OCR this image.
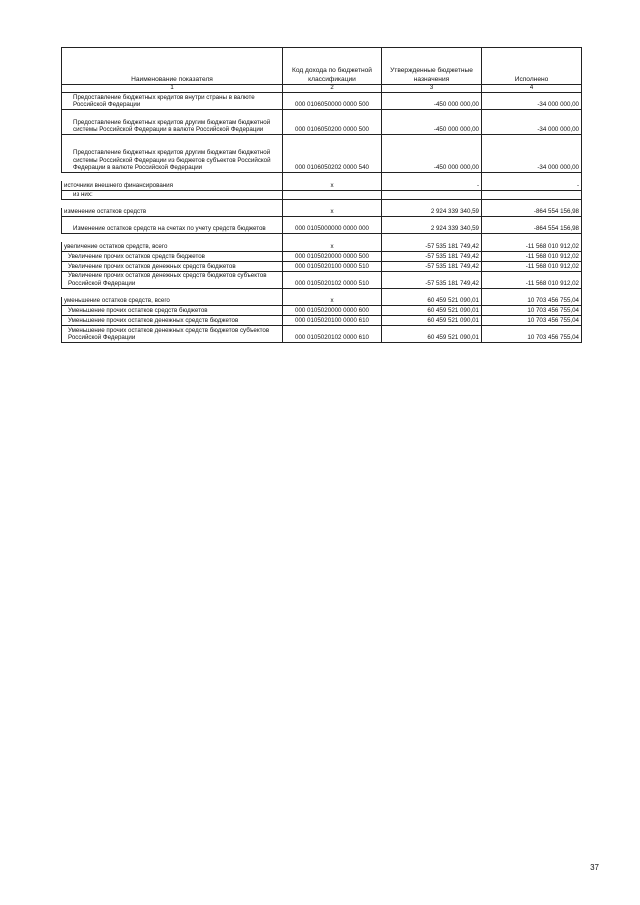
Наименование показателя	Код дохода по бюджетной классификации	Утвержденные бюджетные назначения	Исполнено
1	2	3	4
Предоставление бюджетных кредитов внутри страны в валюте Российской Федерации	000 0106050000 0000 500	-450 000 000,00	-34 000 000,00
Предоставление бюджетных кредитов другим бюджетам бюджетной системы Российской Федерации в валюте Российской Федерации	000 0106050200 0000 500	-450 000 000,00	-34 000 000,00
Предоставление бюджетных кредитов другим бюджетам бюджетной системы Российской Федерации из бюджетов субъектов Российской Федерации в валюте Российской Федерации	000 0106050202 0000 540	-450 000 000,00	-34 000 000,00

источники внешнего финансирования	х	-	-
из них:			

изменение остатков средств	х	2 924 339 340,59	-864 554 156,98
Изменение остатков средств на счетах по учету средств бюджетов	000 0105000000 0000 000	2 924 339 340,59	-864 554 156,98

увеличение остатков средств, всего	х	-57 535 181 749,42	-11 568 010 912,02
Увеличение прочих остатков средств бюджетов	000 0105020000 0000 500	-57 535 181 749,42	-11 568 010 912,02
Увеличение прочих остатков денежных средств бюджетов	000 0105020100 0000 510	-57 535 181 749,42	-11 568 010 912,02
Увеличение прочих остатков денежных средств бюджетов субъектов Российской Федерации	000 0105020102 0000 510	-57 535 181 749,42	-11 568 010 912,02

уменьшение остатков средств, всего	х	60 459 521 090,01	10 703 456 755,04
Уменьшение прочих остатков средств бюджетов	000 0105020000 0000 600	60 459 521 090,01	10 703 456 755,04
Уменьшение прочих остатков денежных средств бюджетов	000 0105020100 0000 610	60 459 521 090,01	10 703 456 755,04
Уменьшение прочих остатков денежных средств бюджетов субъектов Российской Федерации	000 0105020102 0000 610	60 459 521 090,01	10 703 456 755,04
37
